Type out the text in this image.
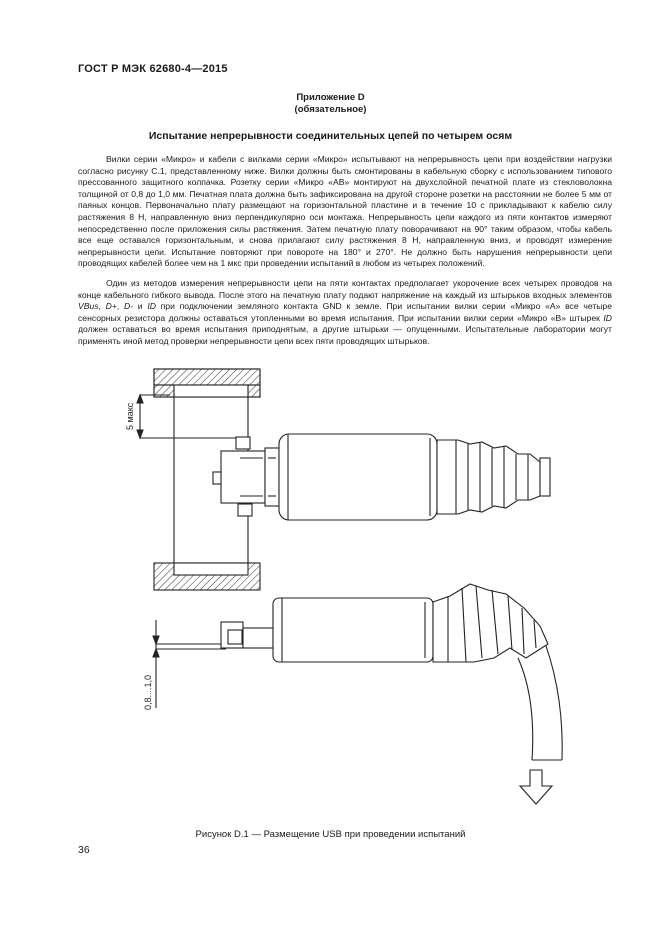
ГОСТ Р МЭК 62680-4—2015
Приложение D
(обязательное)
Испытание непрерывности соединительных цепей по четырем осям
Вилки серии «Микро» и кабели с вилками серии «Микро» испытывают на непрерывность цепи при воздействии нагрузки согласно рисунку С.1, представленному ниже. Вилки должны быть смонтированы в кабельную сборку с использованием типового прессованного защитного колпачка. Розетку серии «Микро «АВ» монтируют на двухслойной печатной плате из стекловолокна толщиной от 0,8 до 1,0 мм. Печатная плата должна быть зафиксирована на другой стороне розетки на расстоянии не более 5 мм от паяных концов. Первоначально плату размещают на горизонтальной пластине и в течение 10 с прикладывают к кабелю силу растяжения 8 Н, направленную вниз перпендикулярно оси монтажа. Непрерывность цепи каждого из пяти контактов измеряют непосредственно после приложения силы растяжения. Затем печатную плату поворачивают на 90° таким образом, чтобы кабель все еще оставался горизонтальным, и снова прилагают силу растяжения 8 Н, направленную вниз, и проводят измерение непрерывности цепи. Испытание повторяют при повороте на 180° и 270°. Не должно быть нарушения непрерывности цепи проводящих кабелей более чем на 1 мкс при проведении испытаний в любом из четырех положений.
Один из методов измерения непрерывности цепи на пяти контактах предполагает укорочение всех четырех проводов на конце кабельного гибкого вывода. После этого на печатную плату подают напряжение на каждый из штырьков входных элементов VBus, D+, D- и ID при подключении земляного контакта GND к земле. При испытании вилки серии «Микро «А» все четыре сенсорных резистора должны оставаться утопленными во время испытания. При испытании вилки серии «Микро «В» штырек ID должен оставаться во время испытания приподнятым, а другие штырьки — опущенными. Испытательные лаборатории могут применять иной метод проверки непрерывности цепи всех пяти проводящих штырьков.
5 макс
0,8....1,0
Рисунок D.1 — Размещение USB при проведении испытаний
36
